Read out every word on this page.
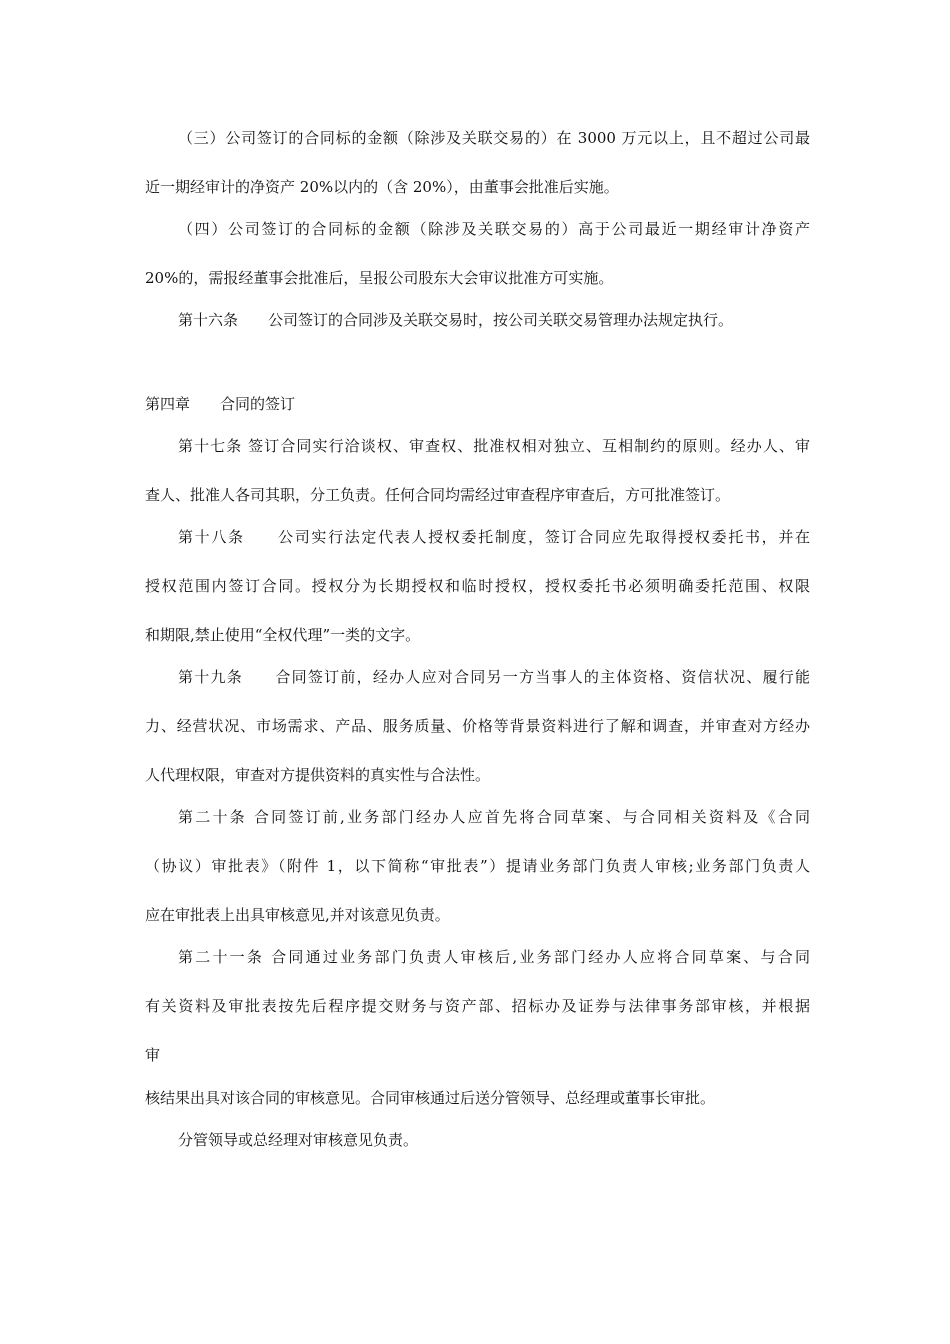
（三）公司签订的合同标的金额（除涉及关联交易的）在 3000 万元以上，且不超过公司最
近一期经审计的净资产 20%以内的（含 20%），由董事会批准后实施。
（四）公司签订的合同标的金额（除涉及关联交易的）高于公司最近一期经审计净资产
20%的，需报经董事会批准后，呈报公司股东大会审议批准方可实施。
第十六条　　公司签订的合同涉及关联交易时，按公司关联交易管理办法规定执行。
第四章　　合同的签订
第十七条 签订合同实行洽谈权、审查权、批准权相对独立、互相制约的原则。经办人、审
查人、批准人各司其职，分工负责。任何合同均需经过审查程序审查后，方可批准签订。
第十八条　　公司实行法定代表人授权委托制度，签订合同应先取得授权委托书，并在
授权范围内签订合同。授权分为长期授权和临时授权，授权委托书必须明确委托范围、权限
和期限,禁止使用“全权代理”一类的文字。
第十九条　　合同签订前，经办人应对合同另一方当事人的主体资格、资信状况、履行能
力、经营状况、市场需求、产品、服务质量、价格等背景资料进行了解和调查，并审查对方经办
人代理权限，审查对方提供资料的真实性与合法性。
第二十条 合同签订前,业务部门经办人应首先将合同草案、与合同相关资料及《合同
（协议）审批表》（附件 1，以下简称“审批表”）提请业务部门负责人审核;业务部门负责人
应在审批表上出具审核意见,并对该意见负责。
第二十一条 合同通过业务部门负责人审核后,业务部门经办人应将合同草案、与合同
有关资料及审批表按先后程序提交财务与资产部、招标办及证券与法律事务部审核，并根据
审
核结果出具对该合同的审核意见。合同审核通过后送分管领导、总经理或董事长审批。
分管领导或总经理对审核意见负责。
